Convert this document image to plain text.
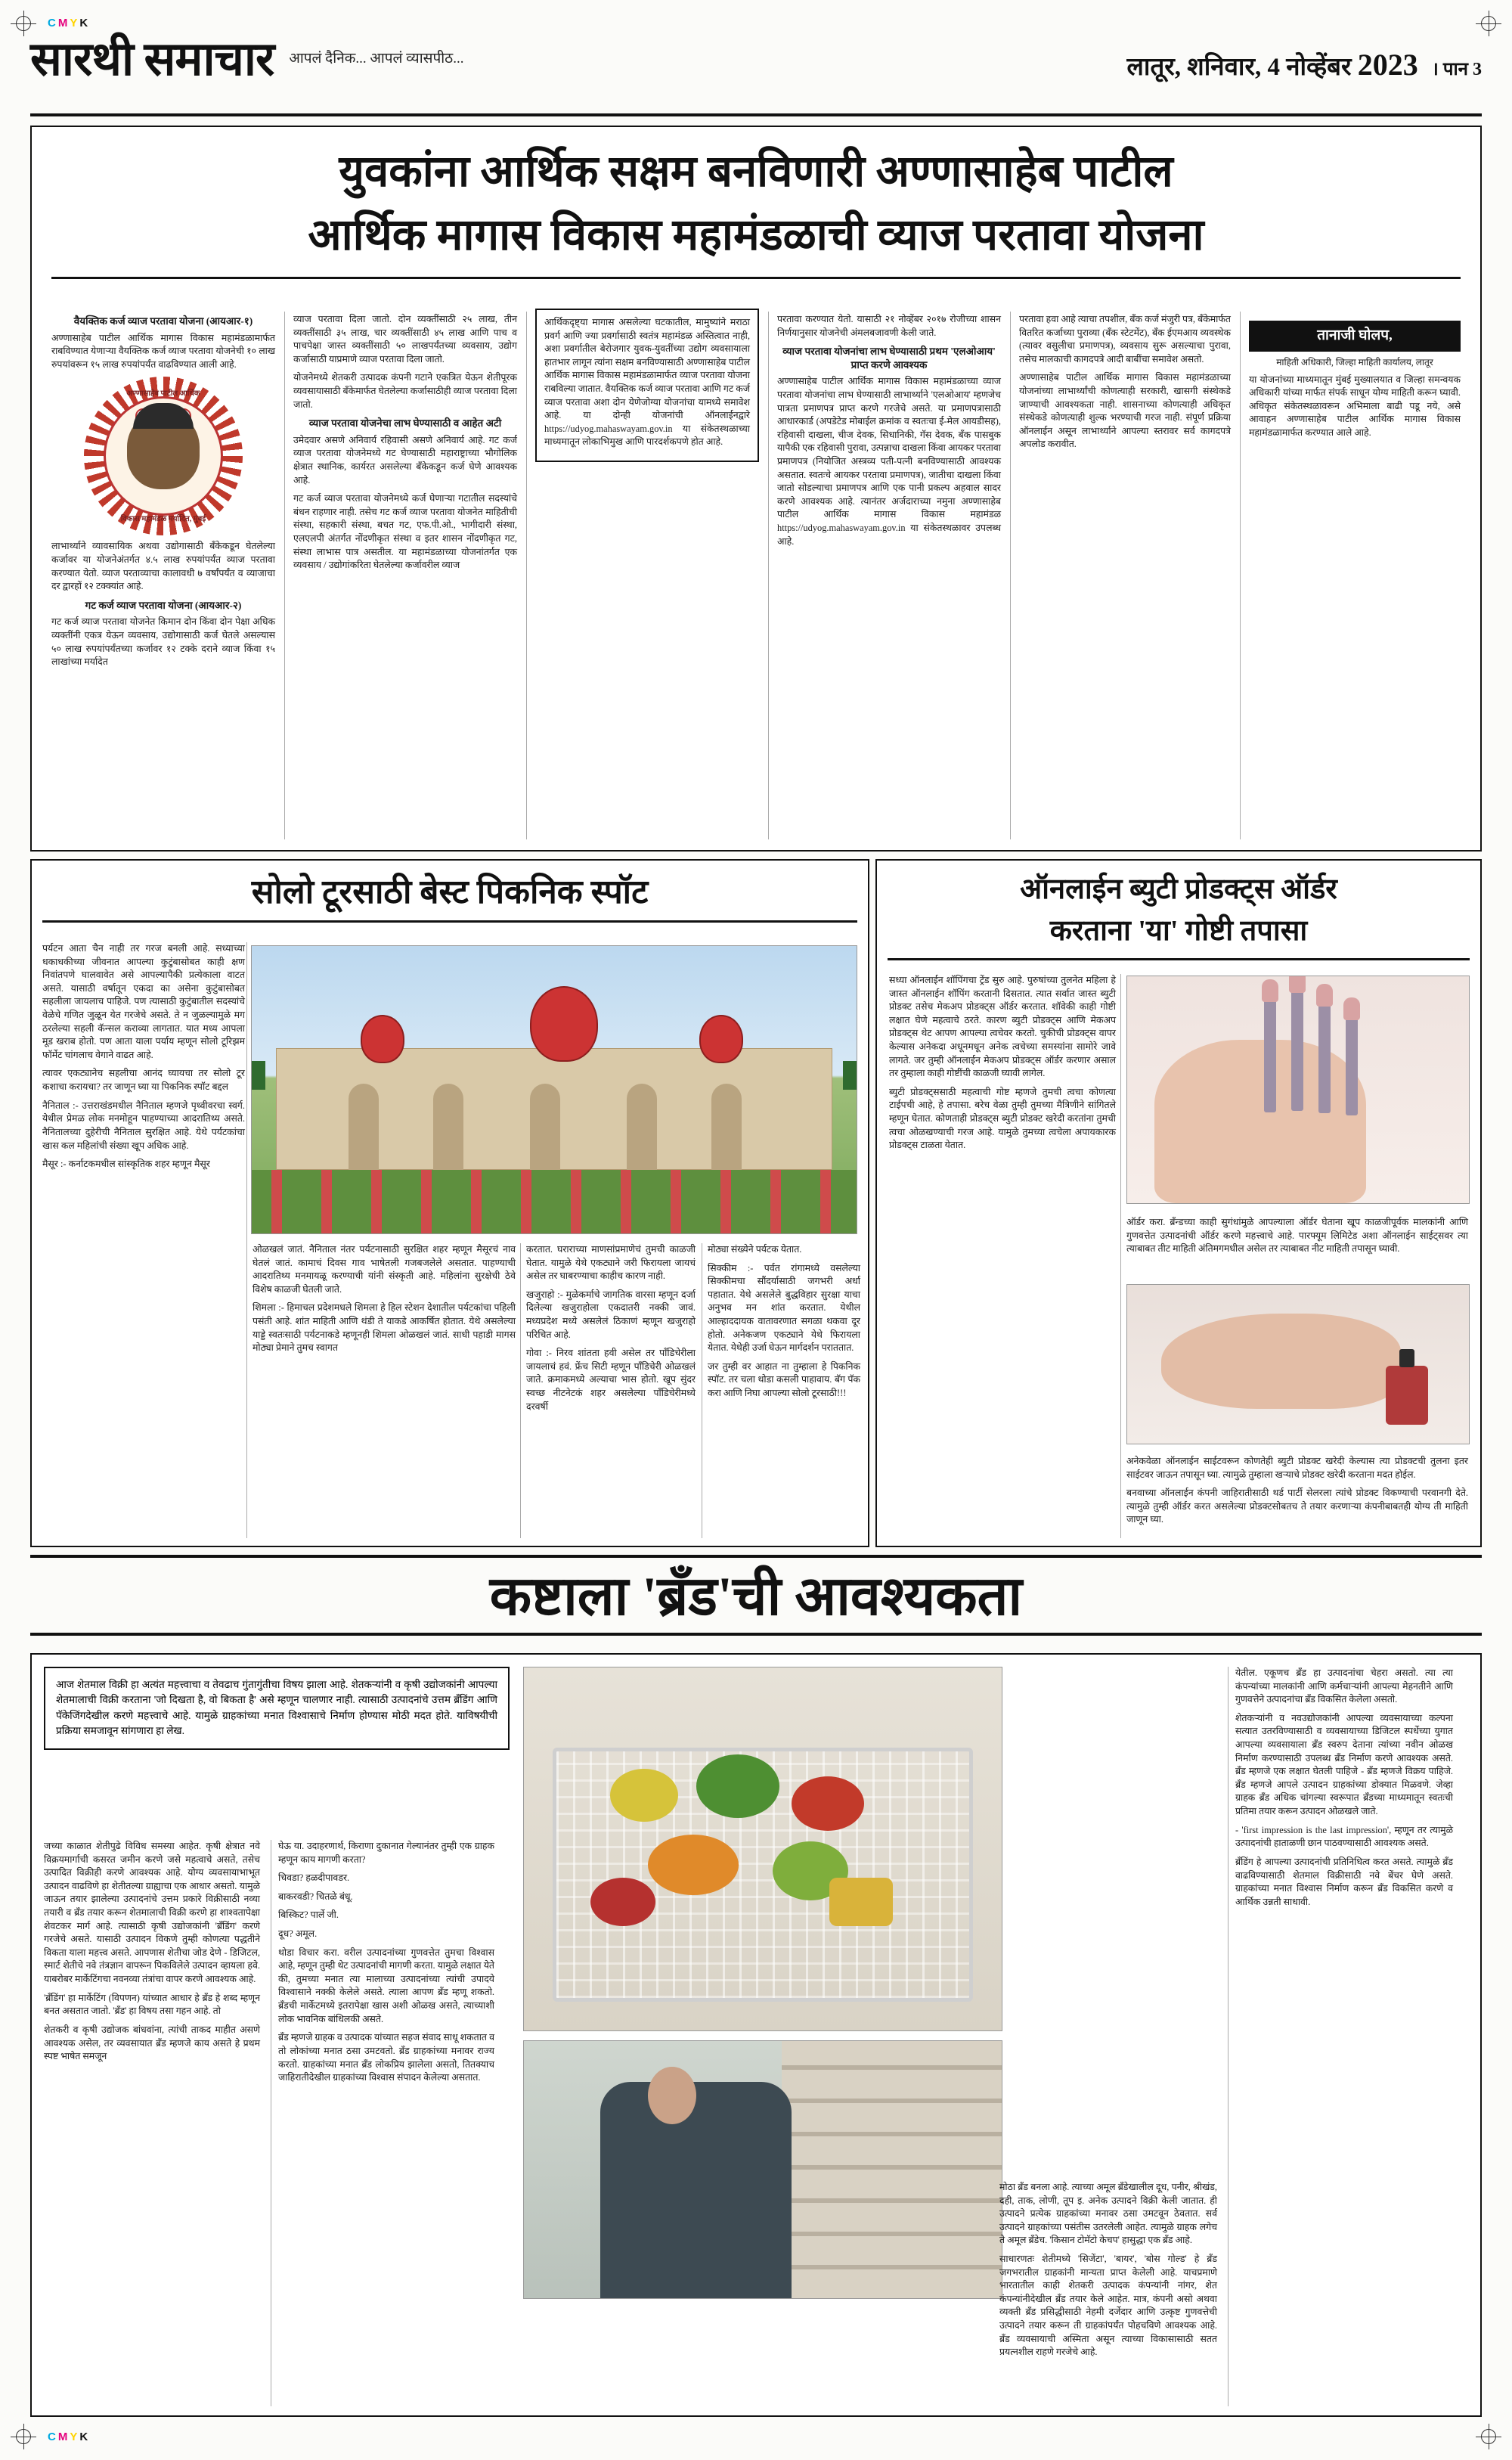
C M Y K
C M Y K
सारथी समाचार आपलं दैनिक... आपलं व्यासपीठ...	लातूर, शनिवार, 4 नोव्हेंबर 2023 । पान 3
युवकांना आर्थिक सक्षम बनविणारी अण्णासाहेब पाटील
आर्थिक मागास विकास महामंडळाची व्याज परतावा योजना
वैयक्तिक कर्ज व्याज परतावा योजना (आयआर-१)

अण्णासाहेब पाटील आर्थिक मागास विकास महामंडळामार्फत राबविण्यात येणाऱ्या वैयक्तिक कर्ज व्याज परतावा योजनेची १० लाख रुपयांवरून १५ लाख रुपयांपर्यंत वाढविण्यात आली आहे.

अण्णासाहेब पाटील आर्थिक
विकास महामंडळ मर्यादित, मुंबई

लाभार्थ्याने व्यावसायिक अथवा उद्योगासाठी बँकेकडून घेतलेल्या कर्जावर या योजनेअंतर्गत ४.५ लाख रुपयांपर्यंत व्याज परतावा करण्यात येतो. व्याज परताव्याचा कालावधी ७ वर्षांपर्यंत व व्याजाचा दर द्वारहों १२ टक्क्यांत आहे.

गट कर्ज व्याज परतावा योजना (आयआर-२)

गट कर्ज व्याज परतावा योजनेत किमान दोन किंवा दोन पेक्षा अधिक व्यक्तींनी एकत्र येऊन व्यवसाय, उद्योगासाठी कर्ज घेतले असल्यास ५० लाख रुपयांपर्यंतच्या कर्जावर १२ टक्के दराने व्याज किंवा १५ लाखांच्या मर्यादेत

व्याज परतावा दिला जातो. दोन व्यक्तींसाठी २५ लाख, तीन व्यक्तींसाठी ३५ लाख, चार व्यक्तींसाठी ४५ लाख आणि पाच व पाचपेक्षा जास्त व्यक्तींसाठी ५० लाखपर्यंतच्या व्यवसाय, उद्योग कर्जासाठी याप्रमाणे व्याज परतावा दिला जातो.

योजनेमध्ये शेतकरी उत्पादक कंपनी गटाने एकत्रित येऊन शेतीपूरक व्यवसायासाठी बँकेमार्फत घेतलेल्या कर्जासाठीही व्याज परतावा दिला जातो.

व्याज परतावा योजनेचा लाभ घेण्यासाठी व आहेत अटी

उमेदवार असणे अनिवार्य रहिवासी असणे अनिवार्य आहे. गट कर्ज व्याज परतावा योजनेमध्ये गट घेण्यासाठी महाराष्ट्राच्या भौगोलिक क्षेत्रात स्थानिक, कार्यरत असलेल्या बँकेकडून कर्ज घेणे आवश्यक आहे.

गट कर्ज व्याज परतावा योजनेमध्ये कर्ज घेणाऱ्या गटातील सदस्यांचे बंधन राहणार नाही. तसेच गट कर्ज व्याज परतावा योजनेत माहितीची संस्था, सहकारी संस्था, बचत गट, एफ.पी.ओ., भागीदारी संस्था, एलएलपी अंतर्गत नोंदणीकृत संस्था व इतर शासन नोंदणीकृत गट, संस्था लाभास पात्र असतील. या महामंडळाच्या योजनांतर्गत एक व्यवसाय / उद्योगांकरिता घेतलेल्या कर्जावरील व्याज

आर्थिकदृष्ट्या मागास असलेल्या घटकातील, मामुष्यांने मराठा प्रवर्ग आणि ज्या प्रवर्गासाठी स्वतंत्र महामंडळ अस्तित्वात नाही, अशा प्रवर्गातील बेरोजगार युवक-युवतींच्या उद्योग व्यवसायाला हातभार लागून त्यांना सक्षम बनविण्यासाठी अण्णासाहेब पाटील आर्थिक मागास विकास महामंडळामार्फत व्याज परतावा योजना राबविल्या जातात. वैयक्तिक कर्ज व्याज परतावा आणि गट कर्ज व्याज परतावा अशा दोन येणेजोग्या योजनांचा यामध्ये समावेश आहे. या दोन्ही योजनांची ऑनलाईनद्वारे https://udyog.mahaswayam.gov.in या संकेतस्थळाच्या माध्यमातून लोकाभिमुख आणि पारदर्शकपणे होत आहे.

परतावा करण्यात येतो. यासाठी २१ नोव्हेंबर २०१७ रोजीच्या शासन निर्णयानुसार योजनेची अंमलबजावणी केली जाते.

व्याज परतावा योजनांचा लाभ घेण्यासाठी प्रथम 'एलओआय' प्राप्त करणे आवश्यक

अण्णासाहेब पाटील आर्थिक मागास विकास महामंडळाच्या व्याज परतावा योजनांचा लाभ घेण्यासाठी लाभार्थ्याने 'एलओआय' म्हणजेच पात्रता प्रमाणपत्र प्राप्त करणे गरजेचे असते. या प्रमाणपत्रासाठी आधारकार्ड (अपडेटेड मोबाईल क्रमांक व स्वतःचा ई-मेल आयडीसह), रहिवासी दाखला, चीज देवक, सिधानिकी, गॅस देवक, बँक पासबुक यापैकी एक रहिवासी पुरावा, उत्पन्नाचा दाखला किंवा आयकर परतावा प्रमाणपत्र (नियोजित अस्त्रव्य पती-पत्नी बनविण्यासाठी आवश्यक असतात. स्वतःचे आयकर परतावा प्रमाणपत्र), जातीचा दाखला किंवा जातो सोडल्याचा प्रमाणपत्र आणि एक पानी प्रकल्प अहवाल सादर करणे आवश्यक आहे. त्यानंतर अर्जदाराच्या नमुना अण्णासाहेब पाटील आर्थिक मागास विकास महामंडळ https://udyog.mahaswayam.gov.in या संकेतस्थळावर उपलब्ध आहे.

परतावा हवा आहे त्याचा तपशील, बँक कर्ज मंजुरी पत्र, बँकेमार्फत वितरित कर्जाच्या पुराव्या (बँक स्टेटमेंट), बँक ईएमआय व्यवस्थेक (त्यावर वसुलीचा प्रमाणपत्र), व्यवसाय सुरू असल्याचा पुरावा, तसेच मालकाची कागदपत्रे आदी बाबींचा समावेश असतो.

अण्णासाहेब पाटील आर्थिक मागास विकास महामंडळाच्या योजनांच्या लाभार्थ्यांची कोणत्याही सरकारी, खासगी संस्थेकडे जाण्याची आवश्यकता नाही. शासनाच्या कोणत्याही अधिकृत संस्थेकडे कोणत्याही शुल्क भरण्याची गरज नाही. संपूर्ण प्रक्रिया ऑनलाईन असून लाभार्थ्याने आपल्या स्तरावर सर्व कागदपत्रे अपलोड करावीत.

तानाजी घोलप,
माहिती अधिकारी, जिल्हा माहिती कार्यालय, लातूर

या योजनांच्या माध्यमातून मुंबई मुख्यालयात व जिल्हा समन्वयक अधिकारी यांच्या मार्फत संपर्क साधून योग्य माहिती करून घ्यावी. अधिकृत संकेतस्थळावरून अभिमाला बाढी पडू नये, असे आवाहन अण्णासाहेब पाटील आर्थिक मागास विकास महामंडळामार्फत करण्यात आले आहे.

सोलो टूरसाठी बेस्ट पिकनिक स्पॉट

पर्यटन आता चैन नाही तर गरज बनली आहे. सध्याच्या धकाधकीच्या जीवनात आपल्या कुटुंबासोबत काही क्षण निवांतपणे घालवावेत असे आपल्यापैकी प्रत्येकाला वाटत असते. यासाठी वर्षातून एकदा का असेना कुटुंबासोबत सहलीला जायलाच पाहिजे. पण त्यासाठी कुटुंबातील सदस्यांचे वेळेचे गणित जुळून येत गरजेचे असते. ते न जुळल्यामुळे मग ठरलेल्या सहली कॅन्सल कराव्या लागतात. यात मध्य आपला मूड खराब होतो. पण आता याला पर्याय म्हणून सोलो टूरिझम फॉर्मेट चांगलाच वेगाने वाढत आहे.

त्यावर एकट्यानेच सहलीचा आनंद घ्यायचा तर सोलो टूर कशाचा करायचा? तर जाणून घ्या या पिकनिक स्पॉट बद्दल

नैनिताल :- उत्तराखंडमधील नैनिताल म्हणजे पृथ्वीवरचा स्वर्ग. येथील प्रेमळ लोक मनमोहून पाहण्याच्या आदरातिथ्य असते. नैनितालच्या दुहेरीची नैनिताल सुरक्षित आहे. येथे पर्यटकांचा खास कल महिलांची संख्या खूप अधिक आहे.

मैसूर :- कर्नाटकमधील सांस्कृतिक शहर म्हणून मैसूर

ओळखलं जातं. नैनिताल नंतर पर्यटनासाठी सुरक्षित शहर म्हणून मैसूरचं नाव घेतलं जातं. कामाचं दिवस गाव भाषेतली गजबजलेले असतात. पाहण्याची आदरातिथ्य मनमायळू करण्याची यांनी संस्कृती आहे. महिलांना सुरक्षेची ठेवे विशेष काळजी घेतली जाते.

शिमला :- हिमाचल प्रदेशमधले शिमला हे हिल स्टेशन देशातील पर्यटकांचा पहिली पसंती आहे. शांत माहिती आणि थंडी ते याकडे आकर्षित होतात. येथे असलेल्या याड्डे स्वतःसाठी पर्यटनाकडे म्हणूनही शिमला ओळखलं जातं. साधी पहाडी मागस मोठ्या प्रेमाने तुमच स्वागत

करतात. घराराच्या माणसांप्रमाणेचं तुमची काळजी घेतात. यामुळे येथे एकट्याने जरी फिरायला जायचं असेल तर घाबरण्याचा काहीच कारण नाही.

खजुराहो :- मुळेकर्माचे जागतिक वारसा म्हणून दर्जा दिलेल्या खजुराहोला एकदातरी नक्की जावं. मध्यप्रदेश मध्ये असलेलं ठिकाणं म्हणून खजुराहो परिचित आहे.

गोवा :- निरव शांतता हवी असेल तर पाँडिचेरीला जायलाचं हवं. फ्रेंच सिटी म्हणून पाँडिचेरी ओळखलं जाते. क्रमाकमध्ये अल्याचा भास होतो. खूप सुंदर स्वच्छ नीटनेटकं शहर असलेल्या पाँडिचेरीमध्ये दरवर्षी

मोठ्या संख्येने पर्यटक येतात.

सिक्कीम :- पर्वत रांगामध्ये वसलेल्या सिक्कीमचा सौंदर्यासाठी जगभरी अर्धा पहातात. येथे असलेले बुद्धविहार सुरक्षा याचा अनुभव मन शांत करतात. येथील आल्हाददायक वातावरणात सगळा थकवा दूर होतो. अनेकजण एकट्याने येथे फिरायला येतात. येथेही उर्जा घेऊन मार्गदर्शन पराततात.

जर तुम्ही वर आहात ना तुम्हाला हे पिकनिक स्पॉट. तर चला थोडा कसली पाहावाय. बॅग पॅक करा आणि निघा आपल्या सोलो टूरसाठी!!!

ऑनलाईन ब्युटी प्रोडक्ट्स ऑर्डर
करताना 'या' गोष्टी तपासा

सध्या ऑनलाईन शॉपिंगचा ट्रेंड सुरु आहे. पुरुषांच्या तुलनेत महिला हे जास्त ऑनलाईन शॉपिंग करतानी दिसतात. त्यात सर्वात जास्त ब्युटी प्रोडक्ट तसेच मेकअप प्रोडक्ट्स ऑर्डर करतात. शॉवेकी काही गोष्टी लक्षात घेणे महत्वाचे ठरते. कारण ब्युटी प्रोडक्ट्स आणि मेकअप प्रोडक्ट्स थेट आपण आपल्या त्वचेवर करतो. चुकीची प्रोडक्ट्स वापर केल्यास अनेकदा अधूनमधून अनेक त्वचेच्या समस्यांना सामोरे जावे लागते. जर तुम्ही ऑनलाईन मेकअप प्रोडक्ट्स ऑर्डर करणार असाल तर तुम्हाला काही गोष्टींची काळजी घ्यावी लागेल.

ब्युटी प्रोडक्ट्ससाठी महत्वाची गोष्ट म्हणजे तुमची त्वचा कोणत्या टाईपची आहे, हे तपासा. बरेच वेळा तुम्ही तुमच्या मैत्रिणीने सांगितले म्हणून घेतात. कोणताही प्रोडक्ट्स ब्युटी प्रोडक्ट खरेदी करतांना तुमची त्वचा ओळखण्याची गरज आहे. यामुळे तुमच्या त्वचेला अपायकारक प्रोडक्ट्स टाळता येतात.

ऑर्डर करा. ब्रँन्डच्या काही सुगंधांमुळे आपल्याला ऑर्डर घेताना खूप काळजीपूर्वक मालकांनी आणि गुणवत्तेत उत्पादनांची ऑर्डर करणे महत्त्वाचे आहे. पारफ्यूम लिमिटेड अशा ऑनलाईन साईट्सवर त्या त्याबाबत तीट माहिती अंतिमगमधील असेल तर त्याबाबत नीट माहिती तपासून घ्यावी.

अनेकवेळा ऑनलाईन साईटवरून कोणतेही ब्युटी प्रोडक्ट खरेदी केल्यास त्या प्रोडक्टची तुलना इतर साईटवर जाऊन तपासून घ्या. त्यामुळे तुम्हाला खऱ्याचे प्रोडक्ट खरेदी करताना मदत होईल.

बनवाच्या ऑनलाईन कंपनी जाहिरातीसाठी थर्ड पार्टी सेलरला त्यांचे प्रोडक्ट विकण्याची परवानगी देते. त्यामुळे तुम्ही ऑर्डर करत असलेल्या प्रोडक्टसोबतच ते तयार करणाऱ्या कंपनीबाबतही योग्य ती माहिती जाणून घ्या.

कष्टाला 'ब्रँड'ची आवश्यकता
आज शेतमाल विक्री हा अत्यंत महत्त्वाचा व तेवढाच गुंतागुंतीचा विषय झाला आहे. शेतकऱ्यांनी व कृषी उद्योजकांनी आपल्या शेतमालाची विक्री करताना 'जो दिखता है, वो बिकता है' असे म्हणून चालणार नाही. त्यासाठी उत्पादनांचे उत्तम ब्रँडिंग आणि पॅकेजिंगदेखील करणे महत्त्वाचे आहे. यामुळे ग्राहकांच्या मनात विश्वासाचे निर्माण होण्यास मोठी मदत होते. याविषयीची प्रक्रिया समजावून सांगणारा हा लेख.

जच्या काळात शेतीपुढे विविध समस्या आहेत. कृषी क्षेत्रात नवे विक्रयमार्गाची कसरत जमीन करणे जसे महत्वाचे असते, तसेच उत्पादित विक्रीही करणे आवश्यक आहे. योग्य व्यवसायाभाभूत उत्पादन वाढविणे हा शेतीतल्या ग्राह्याचा एक आधार असतो. यामुळे जाऊन तयार झालेल्या उत्पादनांचे उत्तम प्रकारे विक्रीसाठी नव्या तयारी व ब्रँड तयार करून शेतमालाची विक्री करणे हा शाश्वतापेक्षा शेवटकर मार्ग आहे. त्यासाठी कृषी उद्योजकांनी 'ब्रँडिंग' करणे गरजेचे असते. यासाठी उत्पादन विकणे तुम्ही कोणत्या पद्धतीने विकता याला महत्त्व असते. आपणास शेतीचा जोड देणे - डिजिटल, स्मार्ट शेतीचे नवे तंत्रज्ञान वापरून पिकविलेले उत्पादन व्हायला हवे. याबरोबर मार्केटिंगचा नवनव्या तंत्रांचा वापर करणे आवश्यक आहे.

'ब्रँडिंग' हा मार्केटिंग (विपणन) यांच्यात आधार हे ब्रँड हे शब्द म्हणून बनत असतात जातो. 'ब्रँड' हा विषय तसा गहन आहे. तो

शेतकरी व कृषी उद्योजक बांधवांना, त्यांची ताकद माहीत असणे आवश्यक असेल, तर व्यवसायात ब्रँड म्हणजे काय असते हे प्रथम स्पष्ट भाषेत समजून

घेऊ या. उदाहरणार्थ, किराणा दुकानात गेल्यानंतर तुम्ही एक ग्राहक म्हणून काय मागणी करता?

चिवडा? हळदीपावडर.

बाकरवडी? चितळे बंधू.

बिस्किट? पार्ले जी.

दूध? अमूल.

थोडा विचार करा. वरील उत्पादनांच्या गुणवत्तेत तुमचा विश्वास आहे, म्हणून तुम्ही थेट उत्पादनांची मागणी करता. यामुळे लक्षात येते की, तुमच्या मनात त्या मालाच्या उत्पादनांच्या त्यांची उपादये विश्वासाने नक्की केलेले असते. त्याला आपण ब्रँड म्हणू शकतो. ब्रँडची मार्केटमध्ये इतरापेक्षा खास अशी ओळख असते, त्याच्याशी लोक भावनिक बांधिलकी असते.

ब्रँड म्हणजे ग्राहक व उत्पादक यांच्यात सहज संवाद साधू शकतात व तो लोकांच्या मनात ठसा उमटवतो. ब्रँड ग्राहकांच्या मनावर राज्य करतो. ग्राहकांच्या मनात ब्रँड लोकप्रिय झालेला असतो, तितक्याच जाहिरातीदेखील ग्राहकांच्या विश्वास संपादन केलेल्या असतात.

मोठा ब्रँड बनला आहे. त्याच्या अमूल ब्रँडेखालील दूध, पनीर, श्रीखंड, दही, ताक, लोणी, तूप इ. अनेक उत्पादने विक्री केली जातात. ही उत्पादने प्रत्येक ग्राहकांच्या मनावर ठसा उमटवून ठेवतात. सर्व उत्पादने ग्राहकांच्या पसंतीस उतरलेली आहेत. त्यामुळे ग्राहक लगेच ते अमूल ब्रँडेच. 'किसान टोमॅटो केचप' हासुद्धा एक ब्रँड आहे.

साधारणतः शेतीमध्ये 'सिजेंटा', 'बायर', 'बोस गोल्ड' हे ब्रँड जगभरातील ग्राहकांनी मान्यता प्राप्त केलेली आहे. याचप्रमाणे भारतातील काही शेतकरी उत्पादक कंपन्यांनी नांगर, शेत कंपन्यांनीदेखील ब्रँड तयार केले आहेत. मात्र, कंपनी असो अथवा व्यक्ती ब्रँड प्रसिद्धीसाठी नेहमी दर्जेदार आणि उत्कृष्ट गुणवत्तेची उत्पादने तयार करून ती ग्राहकांपर्यंत पोहचविणे आवश्यक आहे. ब्रँड व्यवसायाची अस्मिता असून त्याच्या विकासासाठी सतत प्रयत्नशील राहणे गरजेचे आहे.

येतील. एकूणच ब्रँड हा उत्पादनांचा चेहरा असतो. त्या त्या कंपन्यांच्या मालकांनी आणि कर्मचाऱ्यांनी आपल्या मेहनतीने आणि गुणवत्तेने उत्पादनांचा ब्रँड विकसित केलेला असतो.

शेतकऱ्यांनी व नवउद्योजकांनी आपल्या व्यवसायाच्या कल्पना सत्यात उतरविण्यासाठी व व्यवसायाच्या डिजिटल स्पर्धेच्या युगात आपल्या व्यवसायाला ब्रँड स्वरुप देताना त्यांच्या नवीन ओळख निर्माण करण्यासाठी उपलब्ध ब्रँड निर्माण करणे आवश्यक असते. ब्रँड म्हणजे एक लक्षात घेतली पाहिजे - ब्रँड म्हणजे विक्रय पाहिजे. ब्रँड म्हणजे आपले उत्पादन ग्राहकांच्या डोक्यात मिळवणे. जेव्हा ग्राहक ब्रँड अधिक चांगल्या स्वरूपात ब्रँडच्या माध्यमातून स्वतःची प्रतिमा तयार करून उत्पादन ओळखले जाते.

- 'first impression is the last impression', म्हणून तर त्यामुळे उत्पादनांची हाताळणी छान पाठवण्यासाठी आवश्यक असते.

ब्रँडिंग हे आपल्या उत्पादनांची प्रतिनिधित्व करत असते. त्यामुळे ब्रँड वाढविण्यासाठी शेतमाल विक्रीसाठी नवे बेंचर घेणे असते. ग्राहकांच्या मनात विश्वास निर्माण करून ब्रँड विकसित करणे व आर्थिक उन्नती साधावी.
